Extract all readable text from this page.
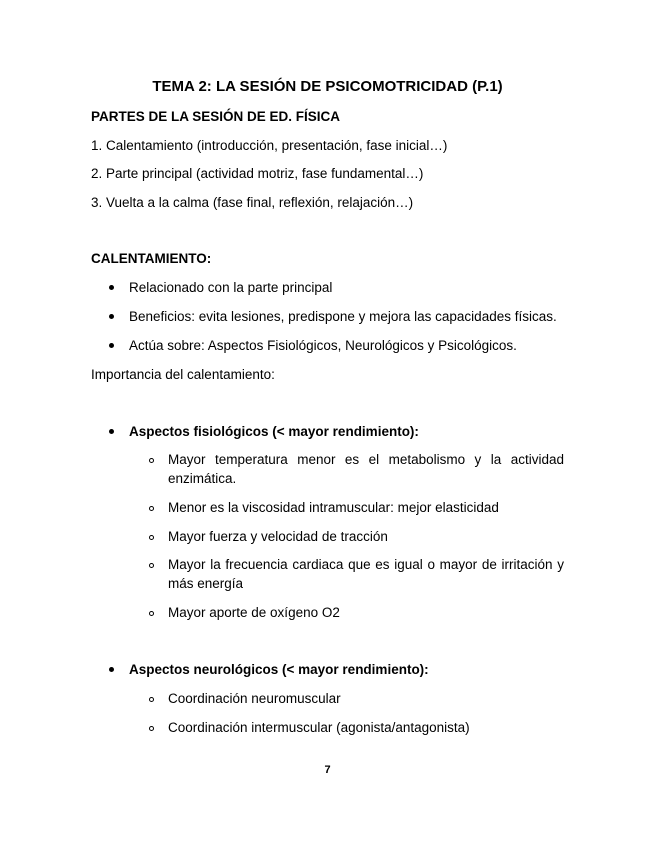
TEMA 2: LA SESIÓN DE PSICOMOTRICIDAD (P.1)
PARTES DE LA SESIÓN DE ED. FÍSICA
1. Calentamiento (introducción, presentación, fase inicial…)
2. Parte principal (actividad motriz, fase fundamental…)
3. Vuelta a la calma (fase final, reflexión, relajación…)
CALENTAMIENTO:
Relacionado con la parte principal
Beneficios: evita lesiones, predispone y mejora las capacidades físicas.
Actúa sobre: Aspectos Fisiológicos, Neurológicos y Psicológicos.
Importancia del calentamiento:
Aspectos fisiológicos (< mayor rendimiento):
Mayor temperatura menor es el metabolismo y la actividad
enzimática.
Menor es la viscosidad intramuscular: mejor elasticidad
Mayor fuerza y velocidad de tracción
Mayor la frecuencia cardiaca que es igual o mayor de irritación y
más energía
Mayor aporte de oxígeno O2
Aspectos neurológicos (< mayor rendimiento):
Coordinación neuromuscular
Coordinación intermuscular (agonista/antagonista)
7
